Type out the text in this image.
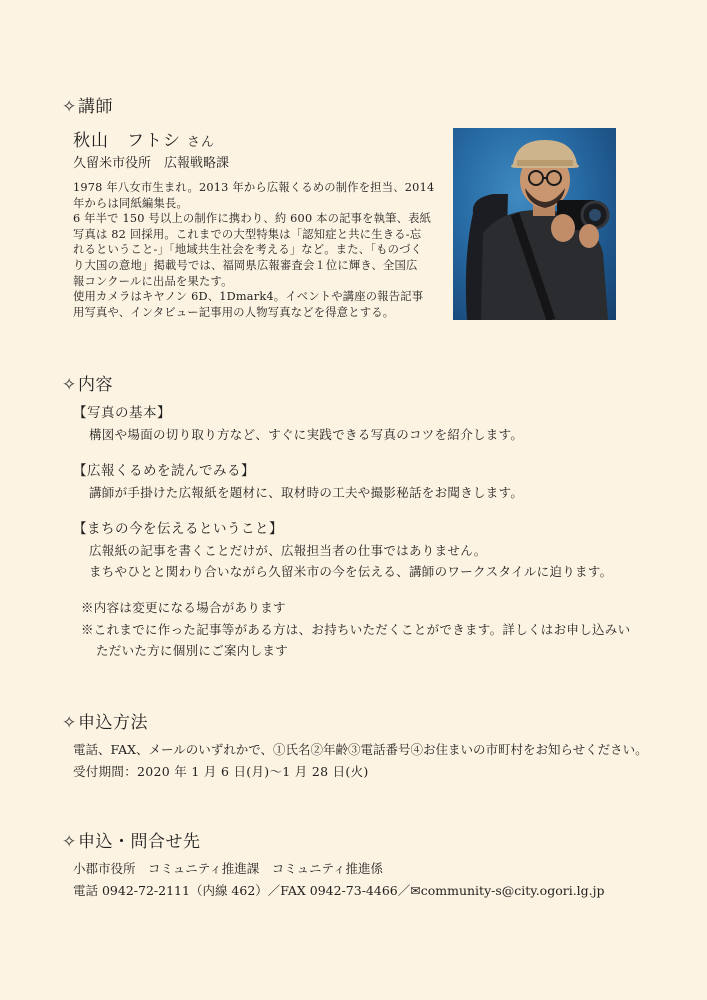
✧講師
秋山　フトシ さん
久留米市役所　広報戦略課
1978 年八女市生まれ。2013 年から広報くるめの制作を担当、2014
年からは同紙編集長。
6 年半で 150 号以上の制作に携わり、約 600 本の記事を執筆、表紙
写真は 82 回採用。これまでの大型特集は「認知症と共に生きる-忘
れるということ-」「地域共生社会を考える」など。また、「ものづく
り大国の意地」掲載号では、福岡県広報審査会１位に輝き、全国広
報コンクールに出品を果たす。
使用カメラはキヤノン 6D、1Dmark4。イベントや講座の報告記事
用写真や、インタビュー記事用の人物写真などを得意とする。
✧内容
【写真の基本】
構図や場面の切り取り方など、すぐに実践できる写真のコツを紹介します。
【広報くるめを読んでみる】
講師が手掛けた広報紙を題材に、取材時の工夫や撮影秘話をお聞きします。
【まちの今を伝えるということ】
広報紙の記事を書くことだけが、広報担当者の仕事ではありません。
まちやひとと関わり合いながら久留米市の今を伝える、講師のワークスタイルに迫ります。
※内容は変更になる場合があります
※これまでに作った記事等がある方は、お持ちいただくことができます。詳しくはお申し込みい
ただいた方に個別にご案内します
✧申込方法
電話、FAX、メールのいずれかで、①氏名②年齢③電話番号④お住まいの市町村をお知らせください。
受付期間：2020 年 1 月 6 日(月)～1 月 28 日(火)
✧申込・問合せ先
小郡市役所　コミュニティ推進課　コミュニティ推進係
電話 0942-72-2111（内線 462）／FAX 0942-73-4466／✉community-s@city.ogori.lg.jp
